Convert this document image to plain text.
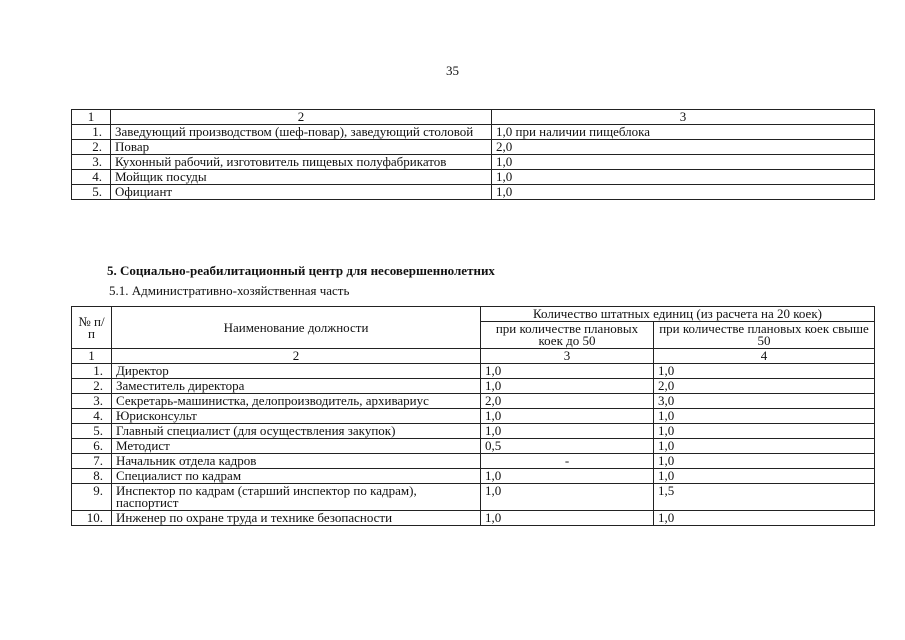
35
1	2	3
1.	Заведующий производством (шеф-повар), заведующий столовой	1,0 при наличии пищеблока
2.	Повар	2,0
3.	Кухонный рабочий, изготовитель пищевых полуфабрикатов	1,0
4.	Мойщик посуды	1,0
5.	Официант	1,0
5. Социально-реабилитационный центр для несовершеннолетних
5.1. Административно-хозяйственная часть
№ п/п	Наименование должности	Количество штатных единиц (из расчета на 20 коек)	
		при количестве плановых коек до 50	при количестве плановых коек свыше 50
1	2	3	4
1.	Директор	1,0	1,0
2.	Заместитель директора	1,0	2,0
3.	Секретарь-машинистка, делопроизводитель, архивариус	2,0	3,0
4.	Юрисконсульт	1,0	1,0
5.	Главный специалист (для осуществления закупок)	1,0	1,0
6.	Методист	0,5	1,0
7.	Начальник отдела кадров	-	1,0
8.	Специалист по кадрам	1,0	1,0
9.	Инспектор по кадрам (старший инспектор по кадрам), паспортист	1,0	1,5
10.	Инженер по охране труда и технике безопасности	1,0	1,0
